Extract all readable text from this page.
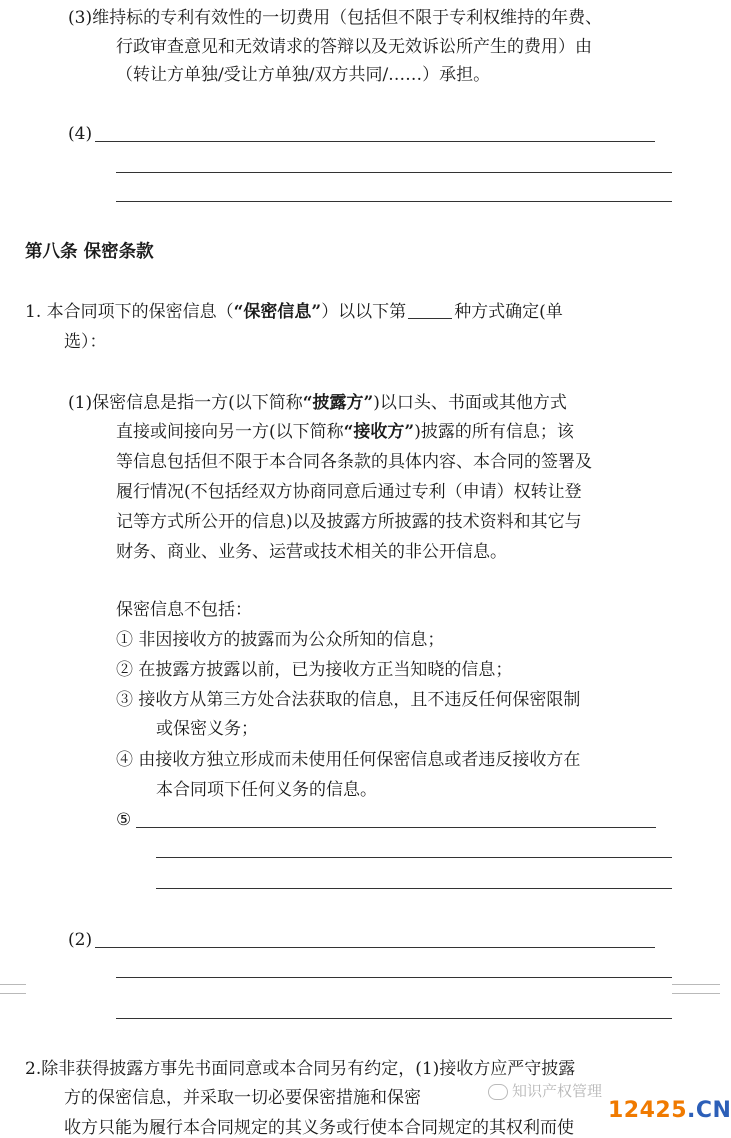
(3)维持标的专利有效性的一切费用（包括但不限于专利权维持的年费、
行政审查意见和无效请求的答辩以及无效诉讼所产生的费用）由
（转让方单独/受让方单独/双方共同/……）承担。
(4)
第八条 保密条款
1. 本合同项下的保密信息（“保密信息”）以以下第	种方式确定(单
选）：
(1)保密信息是指一方(以下简称“披露方”)以口头、书面或其他方式
直接或间接向另一方(以下简称“接收方”)披露的所有信息；该
等信息包括但不限于本合同各条款的具体内容、本合同的签署及
履行情况(不包括经双方协商同意后通过专利（申请）权转让登
记等方式所公开的信息)以及披露方所披露的技术资料和其它与
财务、商业、业务、运营或技术相关的非公开信息。
保密信息不包括：
① 非因接收方的披露而为公众所知的信息；
② 在披露方披露以前，已为接收方正当知晓的信息；
③ 接收方从第三方处合法获取的信息，且不违反任何保密限制
或保密义务；
④ 由接收方独立形成而未使用任何保密信息或者违反接收方在
本合同项下任何义务的信息。
⑤
(2)
2.除非获得披露方事先书面同意或本合同另有约定，(1)接收方应严守披露
方的保密信息，并采取一切必要保密措施和保密
收方只能为履行本合同规定的其义务或行使本合同规定的其权利而使
知识产权管理
12425.CN
